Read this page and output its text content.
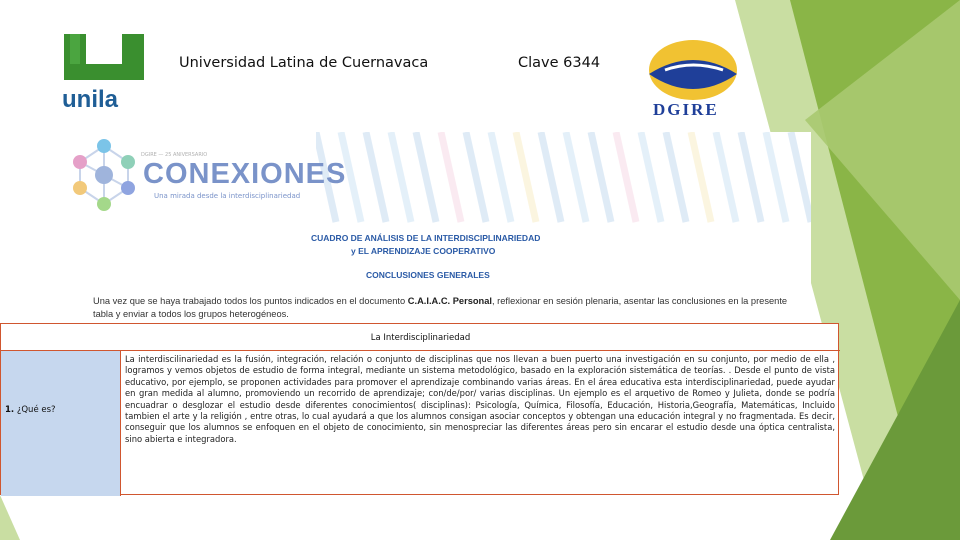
unila
Universidad Latina de Cuernavaca	Clave 6344
DGIRE
DGIRE — 25 ANIVERSARIO
CONEXIONES
Una mirada desde la interdisciplinariedad
CUADRO DE ANÁLISIS DE LA INTERDISCIPLINARIEDAD
y EL APRENDIZAJE COOPERATIVO
CONCLUSIONES GENERALES
Una vez que se haya trabajado todos los puntos indicados en el documento C.A.I.A.C. Personal, reflexionar en sesión plenaria, asentar las conclusiones en la presente tabla y enviar a todos los grupos heterogéneos.
La Interdisciplinariedad
1. ¿Qué es?
La interdiscilinariedad es la fusión, integración, relación o conjunto de disciplinas que nos llevan a buen puerto una investigación en su conjunto, por medio de ella , logramos y vemos objetos de estudio de forma integral, mediante un sistema metodológico, basado en la exploración sistemática de teorías. . Desde el punto de vista educativo, por ejemplo, se proponen actividades para promover el aprendizaje combinando varias áreas. En el área educativa esta interdisciplinariedad, puede ayudar en gran medida al alumno, promoviendo un recorrido de aprendizaje; con/de/por/ varias disciplinas. Un ejemplo es el arquetivo de Romeo y Julieta, donde se podría encuadrar o desglozar el estudio desde diferentes conocimientos( disciplinas): Psicología, Química, Filosofía, Educación, Historia,Geografía, Matemáticas, Incluido tambien el arte y la religión , entre otras, lo cual ayudará a que los alumnos consigan asociar conceptos y obtengan una educación integral y no fragmentada. Es decir, conseguir que los alumnos se enfoquen en el objeto de conocimiento, sin menospreciar las diferentes áreas pero sin encarar el estudio desde una óptica centralista, sino abierta e integradora.
